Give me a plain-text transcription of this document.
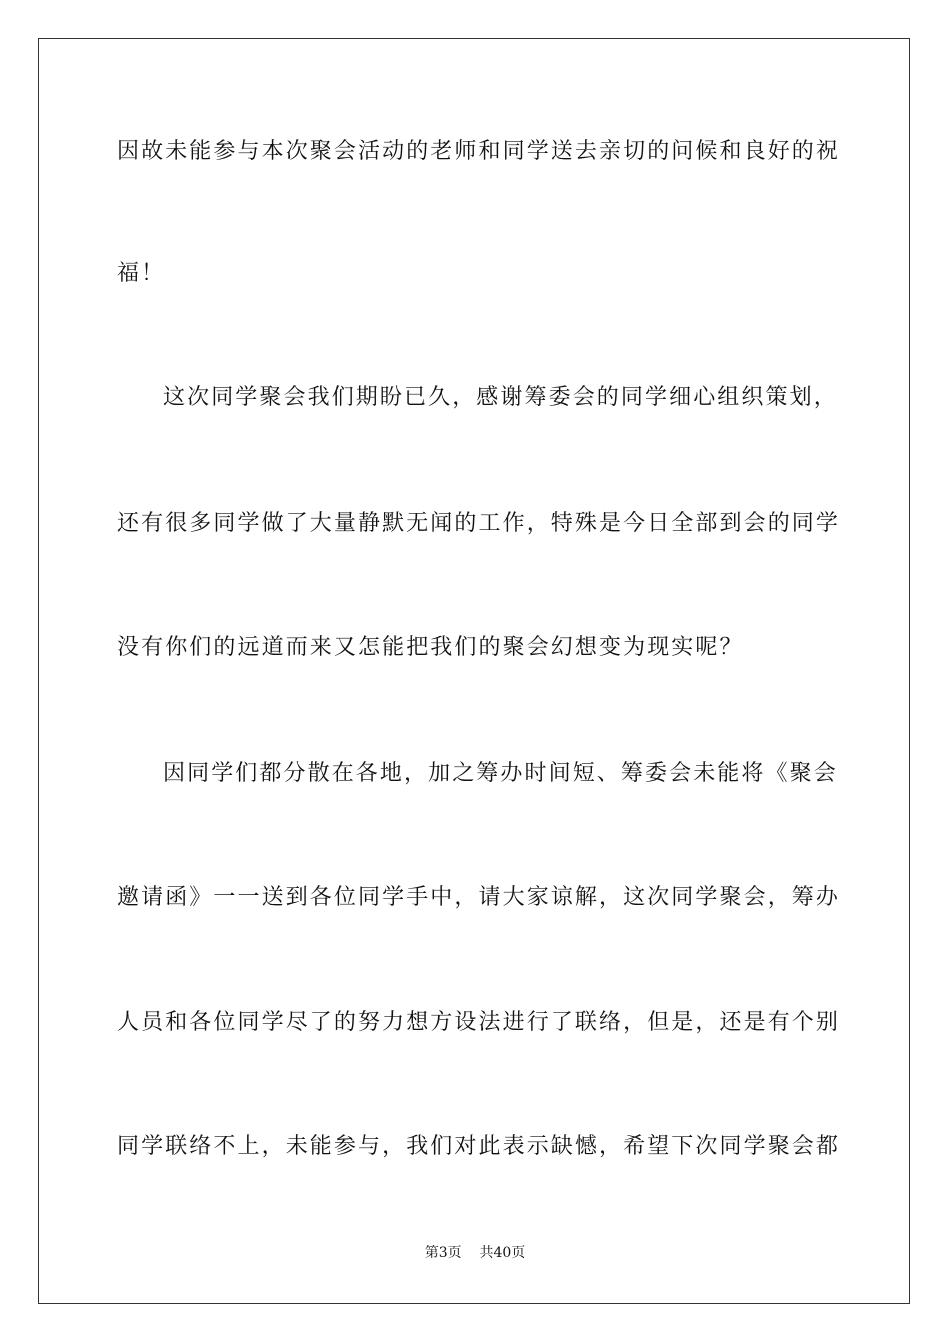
因故未能参与本次聚会活动的老师和同学送去亲切的问候和良好的祝
福！
这次同学聚会我们期盼已久，感谢筹委会的同学细心组织策划，
还有很多同学做了大量静默无闻的工作，特殊是今日全部到会的同学
没有你们的远道而来又怎能把我们的聚会幻想变为现实呢？
因同学们都分散在各地，加之筹办时间短、筹委会未能将《聚会
邀请函》一一送到各位同学手中，请大家谅解，这次同学聚会，筹办
人员和各位同学尽了的努力想方设法进行了联络，但是，还是有个别
同学联络不上，未能参与，我们对此表示缺憾，希望下次同学聚会都
第3页 共40页
